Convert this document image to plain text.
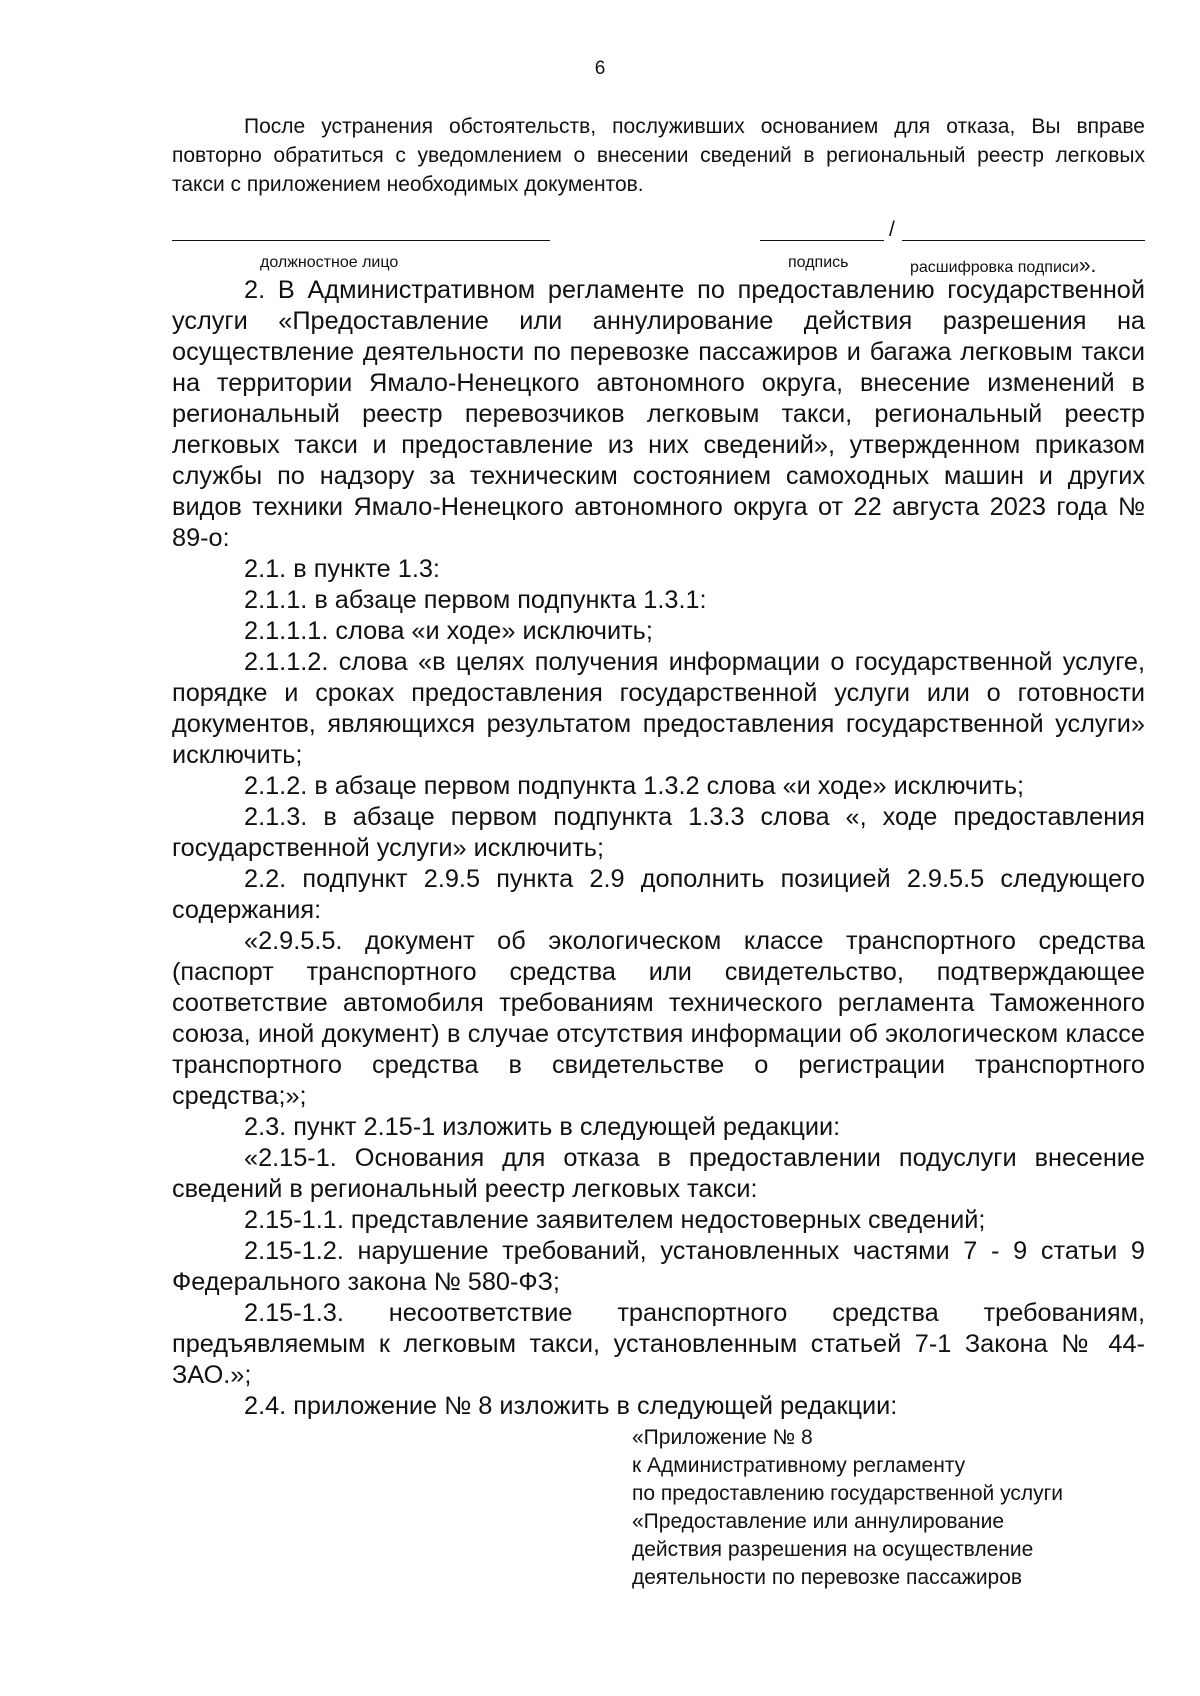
6
После устранения обстоятельств, послуживших основанием для отказа, Вы вправе повторно обратиться с уведомлением о внесении сведений в региональный реестр легковых такси с приложением необходимых документов.
/
должностное лицо	подпись	расшифровка подписи».

2. В Административном регламенте по предоставлению государственной услуги «Предоставление или аннулирование действия разрешения на осуществление деятельности по перевозке пассажиров и багажа легковым такси на территории Ямало-Ненецкого автономного округа, внесение изменений в региональный реестр перевозчиков легковым такси, региональный реестр легковых такси и предоставление из них сведений», утвержденном приказом службы по надзору за техническим состоянием самоходных машин и других видов техники Ямало-Ненецкого автономного округа от 22 августа 2023 года № 89-о:

2.1. в пункте 1.3:

2.1.1. в абзаце первом подпункта 1.3.1:

2.1.1.1. слова «и ходе» исключить;

2.1.1.2. слова «в целях получения информации о государственной услуге, порядке и сроках предоставления государственной услуги или о готовности документов, являющихся результатом предоставления государственной услуги» исключить;

2.1.2. в абзаце первом подпункта 1.3.2 слова «и ходе» исключить;

2.1.3. в абзаце первом подпункта 1.3.3 слова «, ходе предоставления государственной услуги» исключить;

2.2. подпункт 2.9.5 пункта 2.9 дополнить позицией 2.9.5.5 следующего содержания:

«2.9.5.5. документ об экологическом классе транспортного средства (паспорт транспортного средства или свидетельство, подтверждающее соответствие автомобиля требованиям технического регламента Таможенного союза, иной документ) в случае отсутствия информации об экологическом классе транспортного средства в свидетельстве о регистрации транспортного средства;»;

2.3. пункт 2.15-1 изложить в следующей редакции:

«2.15-1. Основания для отказа в предоставлении подуслуги внесение сведений в региональный реестр легковых такси:

2.15-1.1. представление заявителем недостоверных сведений;

2.15-1.2. нарушение требований, установленных частями 7 - 9 статьи 9 Федерального закона № 580-ФЗ;

2.15-1.3. несоответствие транспортного средства требованиям, предъявляемым к легковым такси, установленным статьей 7-1 Закона № 44-ЗАО.»;

2.4. приложение № 8 изложить в следующей редакции:

«Приложение № 8
к Административному регламенту
по предоставлению государственной услуги
«Предоставление или аннулирование
действия разрешения на осуществление
деятельности по перевозке пассажиров
